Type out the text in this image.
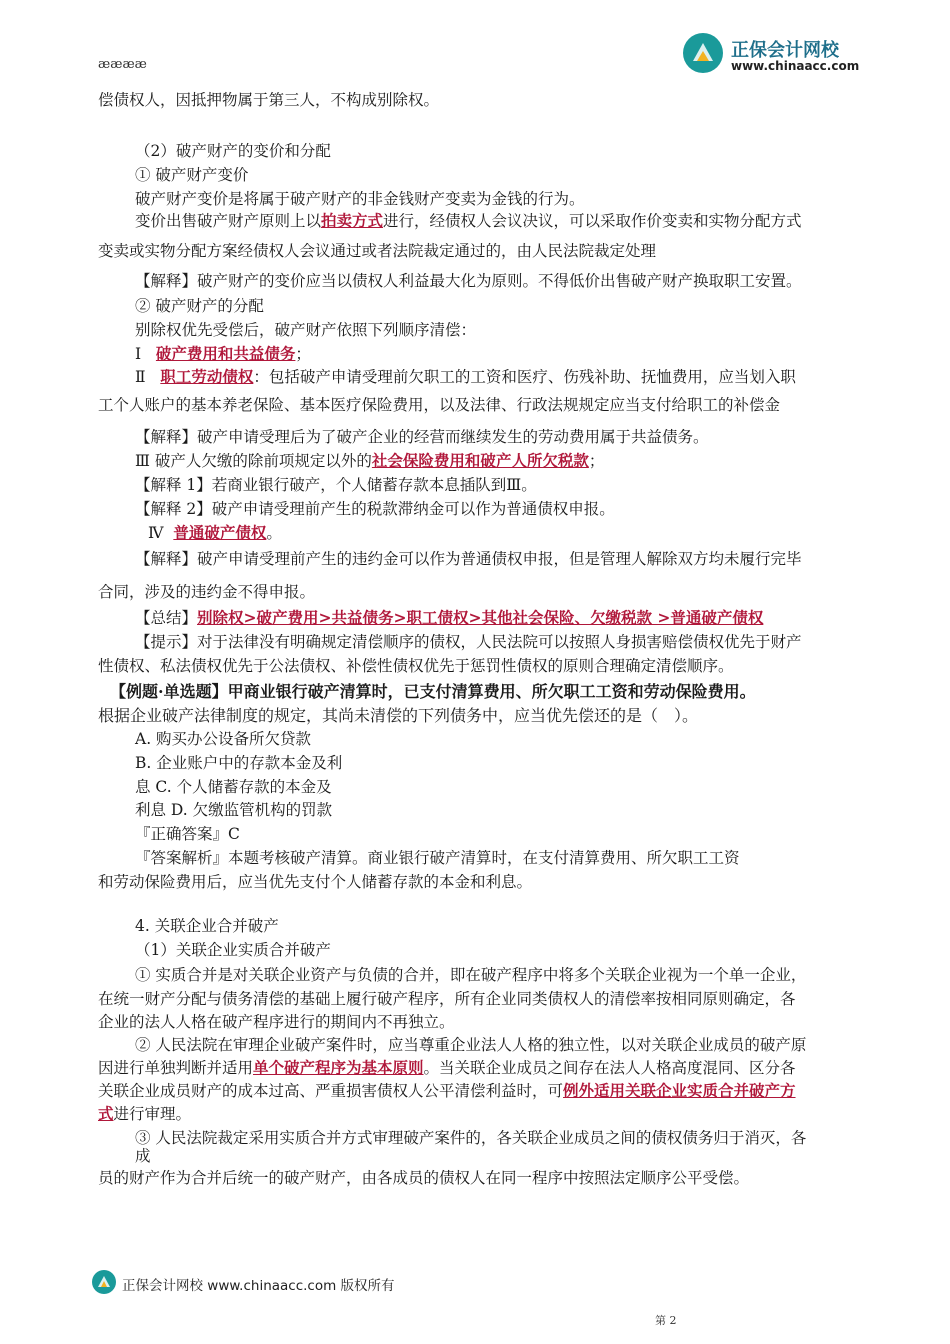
正保会计网校
www.chinaacc.com
ææææ
偿债权人，因抵押物属于第三人，不构成别除权。
（2）破产财产的变价和分配
① 破产财产变价
破产财产变价是将属于破产财产的非金钱财产变卖为金钱的行为。
变价出售破产财产原则上以拍卖方式进行，经债权人会议决议，可以采取作价变卖和实物分配方式
变卖或实物分配方案经债权人会议通过或者法院裁定通过的，由人民法院裁定处理
【解释】破产财产的变价应当以债权人利益最大化为原则。不得低价出售破产财产换取职工安置。
② 破产财产的分配
别除权优先受偿后，破产财产依照下列顺序清偿：
Ⅰ 破产费用和共益债务；
Ⅱ 职工劳动债权：包括破产申请受理前欠职工的工资和医疗、伤残补助、抚恤费用，应当划入职
工个人账户的基本养老保险、基本医疗保险费用，以及法律、行政法规规定应当支付给职工的补偿金
【解释】破产申请受理后为了破产企业的经营而继续发生的劳动费用属于共益债务。
Ⅲ 破产人欠缴的除前项规定以外的社会保险费用和破产人所欠税款；
【解释 1】若商业银行破产，个人储蓄存款本息插队到Ⅲ。
【解释 2】破产申请受理前产生的税款滞纳金可以作为普通债权申报。
Ⅳ 普通破产债权。
【解释】破产申请受理前产生的违约金可以作为普通债权申报，但是管理人解除双方均未履行完毕
合同，涉及的违约金不得申报。
【总结】别除权>破产费用>共益债务>职工债权>其他社会保险、欠缴税款 >普通破产债权
【提示】对于法律没有明确规定清偿顺序的债权，人民法院可以按照人身损害赔偿债权优先于财产
性债权、私法债权优先于公法债权、补偿性债权优先于惩罚性债权的原则合理确定清偿顺序。
【例题·单选题】甲商业银行破产清算时，已支付清算费用、所欠职工工资和劳动保险费用。
根据企业破产法律制度的规定，其尚未清偿的下列债务中，应当优先偿还的是（　）。
A. 购买办公设备所欠贷款
B. 企业账户中的存款本金及利
息 C. 个人储蓄存款的本金及
利息 D. 欠缴监管机构的罚款
『正确答案』C
『答案解析』本题考核破产清算。商业银行破产清算时，在支付清算费用、所欠职工工资
和劳动保险费用后，应当优先支付个人储蓄存款的本金和利息。
4. 关联企业合并破产
（1）关联企业实质合并破产
① 实质合并是对关联企业资产与负债的合并，即在破产程序中将多个关联企业视为一个单一企业，
在统一财产分配与债务清偿的基础上履行破产程序，所有企业同类债权人的清偿率按相同原则确定，各
企业的法人人格在破产程序进行的期间内不再独立。
② 人民法院在审理企业破产案件时，应当尊重企业法人人格的独立性，以对关联企业成员的破产原
因进行单独判断并适用单个破产程序为基本原则。当关联企业成员之间存在法人人格高度混同、区分各
关联企业成员财产的成本过高、严重损害债权人公平清偿利益时，可例外适用关联企业实质合并破产方
式进行审理。
③ 人民法院裁定采用实质合并方式审理破产案件的，各关联企业成员之间的债权债务归于消灭，各
成
员的财产作为合并后统一的破产财产，由各成员的债权人在同一程序中按照法定顺序公平受偿。
正保会计网校 www.chinaacc.com 版权所有
第 2
